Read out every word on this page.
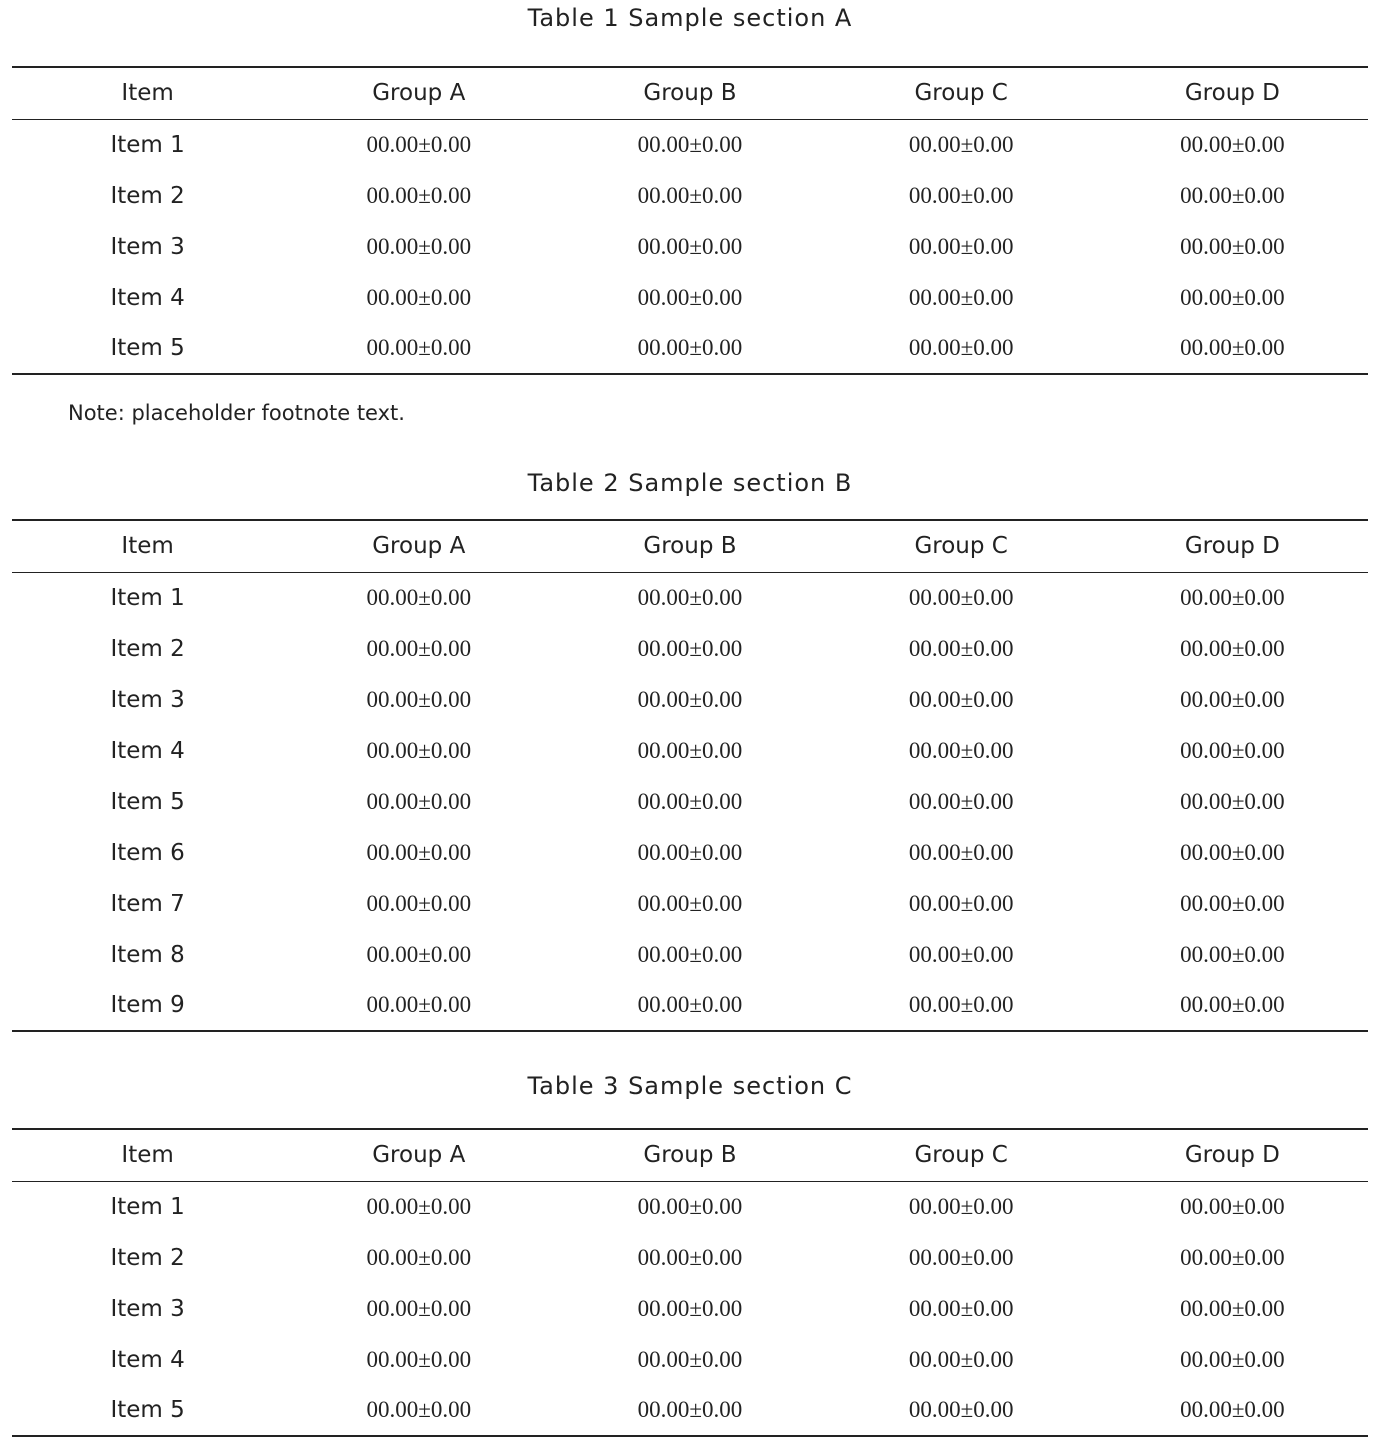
Table 1 Sample section A
Item	Group A	Group B	Group C	Group D
Item 1	00.00±0.00	00.00±0.00	00.00±0.00	00.00±0.00
Item 2	00.00±0.00	00.00±0.00	00.00±0.00	00.00±0.00
Item 3	00.00±0.00	00.00±0.00	00.00±0.00	00.00±0.00
Item 4	00.00±0.00	00.00±0.00	00.00±0.00	00.00±0.00
Item 5	00.00±0.00	00.00±0.00	00.00±0.00	00.00±0.00
Note: placeholder footnote text.
Table 2 Sample section B
Item	Group A	Group B	Group C	Group D
Item 1	00.00±0.00	00.00±0.00	00.00±0.00	00.00±0.00
Item 2	00.00±0.00	00.00±0.00	00.00±0.00	00.00±0.00
Item 3	00.00±0.00	00.00±0.00	00.00±0.00	00.00±0.00
Item 4	00.00±0.00	00.00±0.00	00.00±0.00	00.00±0.00
Item 5	00.00±0.00	00.00±0.00	00.00±0.00	00.00±0.00
Item 6	00.00±0.00	00.00±0.00	00.00±0.00	00.00±0.00
Item 7	00.00±0.00	00.00±0.00	00.00±0.00	00.00±0.00
Item 8	00.00±0.00	00.00±0.00	00.00±0.00	00.00±0.00
Item 9	00.00±0.00	00.00±0.00	00.00±0.00	00.00±0.00
Table 3 Sample section C
Item	Group A	Group B	Group C	Group D
Item 1	00.00±0.00	00.00±0.00	00.00±0.00	00.00±0.00
Item 2	00.00±0.00	00.00±0.00	00.00±0.00	00.00±0.00
Item 3	00.00±0.00	00.00±0.00	00.00±0.00	00.00±0.00
Item 4	00.00±0.00	00.00±0.00	00.00±0.00	00.00±0.00
Item 5	00.00±0.00	00.00±0.00	00.00±0.00	00.00±0.00
